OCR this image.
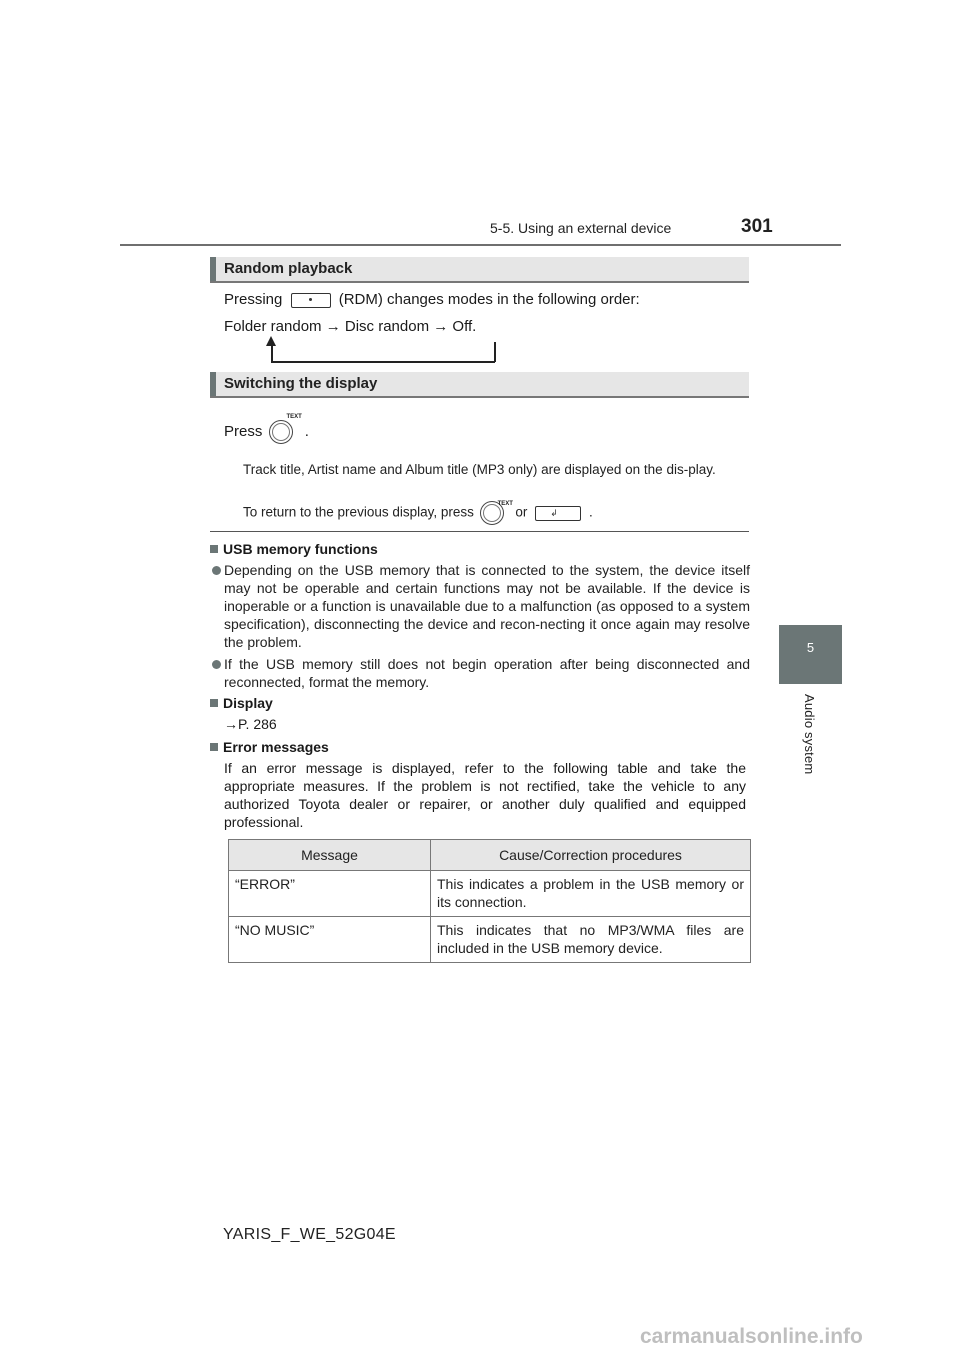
5-5. Using an external device	301
5
Audio system
Random playback
Pressing	(RDM) changes modes in the following order:
Folder random → Disc random → Off.
Switching the display
Press
TEXT
.
Track title, Artist name and Album title (MP3 only) are displayed on the dis-play.
To return to the previous display, press
TEXT
or	↲ .
USB memory functions
Depending on the USB memory that is connected to the system, the device itself may not be operable and certain functions may not be available. If the device is inoperable or a function is unavailable due to a malfunction (as opposed to a system specification), disconnecting the device and recon-necting it once again may resolve the problem.
If the USB memory still does not begin operation after being disconnected and reconnected, format the memory.
Display
→P. 286
Error messages
If an error message is displayed, refer to the following table and take the appropriate measures. If the problem is not rectified, take the vehicle to any authorized Toyota dealer or repairer, or another duly qualified and equipped professional.
Message	Cause/Correction procedures
“ERROR”	This indicates a problem in the USB memory or its connection.
“NO MUSIC”	This indicates that no MP3/WMA files are included in the USB memory device.
YARIS_F_WE_52G04E
carmanualsonline.info
